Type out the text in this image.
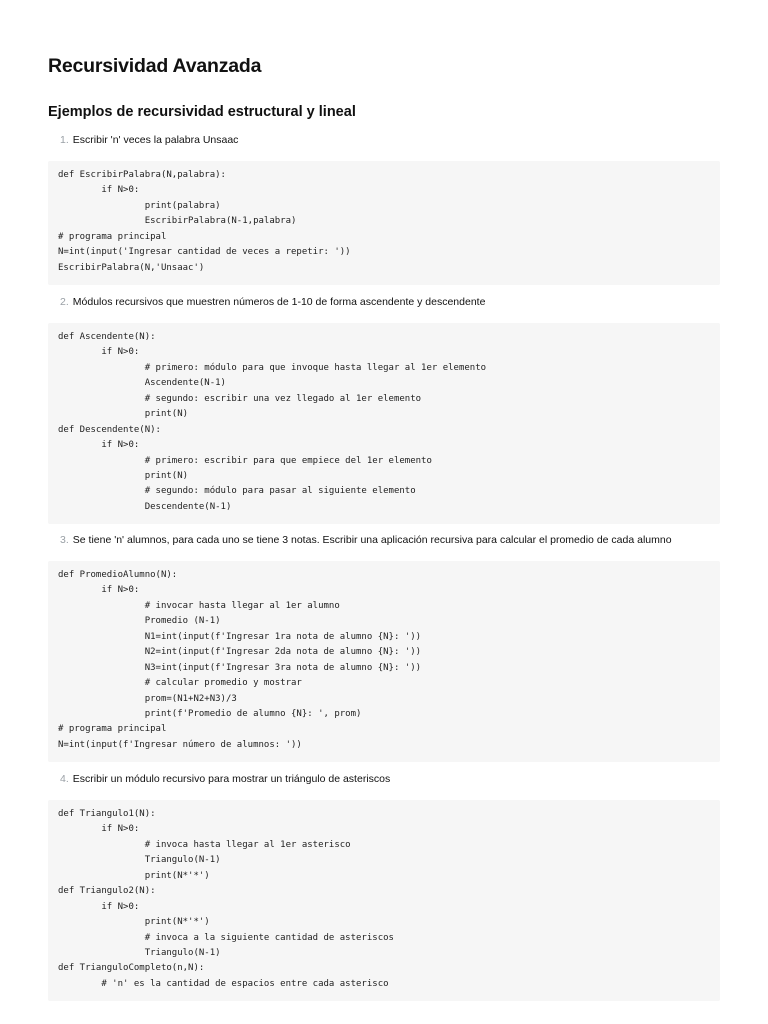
Recursividad Avanzada
Ejemplos de recursividad estructural y lineal
1. Escribir 'n' veces la palabra Unsaac
def EscribirPalabra(N,palabra):
if N>0:
print(palabra)
EscribirPalabra(N-1,palabra)
# programa principal
N=int(input('Ingresar cantidad de veces a repetir: '))
EscribirPalabra(N,'Unsaac')
2. Módulos recursivos que muestren números de 1-10 de forma ascendente y descendente
def Ascendente(N):
if N>0:
# primero: módulo para que invoque hasta llegar al 1er elemento
Ascendente(N-1)
# segundo: escribir una vez llegado al 1er elemento
print(N)
def Descendente(N):
if N>0:
# primero: escribir para que empiece del 1er elemento
print(N)
# segundo: módulo para pasar al siguiente elemento
Descendente(N-1)
3. Se tiene 'n' alumnos, para cada uno se tiene 3 notas. Escribir una aplicación recursiva para calcular el promedio de cada alumno
def PromedioAlumno(N):
if N>0:
# invocar hasta llegar al 1er alumno
Promedio (N-1)
N1=int(input(f'Ingresar 1ra nota de alumno {N}: '))
N2=int(input(f'Ingresar 2da nota de alumno {N}: '))
N3=int(input(f'Ingresar 3ra nota de alumno {N}: '))
# calcular promedio y mostrar
prom=(N1+N2+N3)/3
print(f'Promedio de alumno {N}: ', prom)
# programa principal
N=int(input(f'Ingresar número de alumnos: '))
4. Escribir un módulo recursivo para mostrar un triángulo de asteriscos
def Triangulo1(N):
if N>0:
# invoca hasta llegar al 1er asterisco
Triangulo(N-1)
print(N*'*')
def Triangulo2(N):
if N>0:
print(N*'*')
# invoca a la siguiente cantidad de asteriscos
Triangulo(N-1)
def TrianguloCompleto(n,N):
# 'n' es la cantidad de espacios entre cada asterisco
